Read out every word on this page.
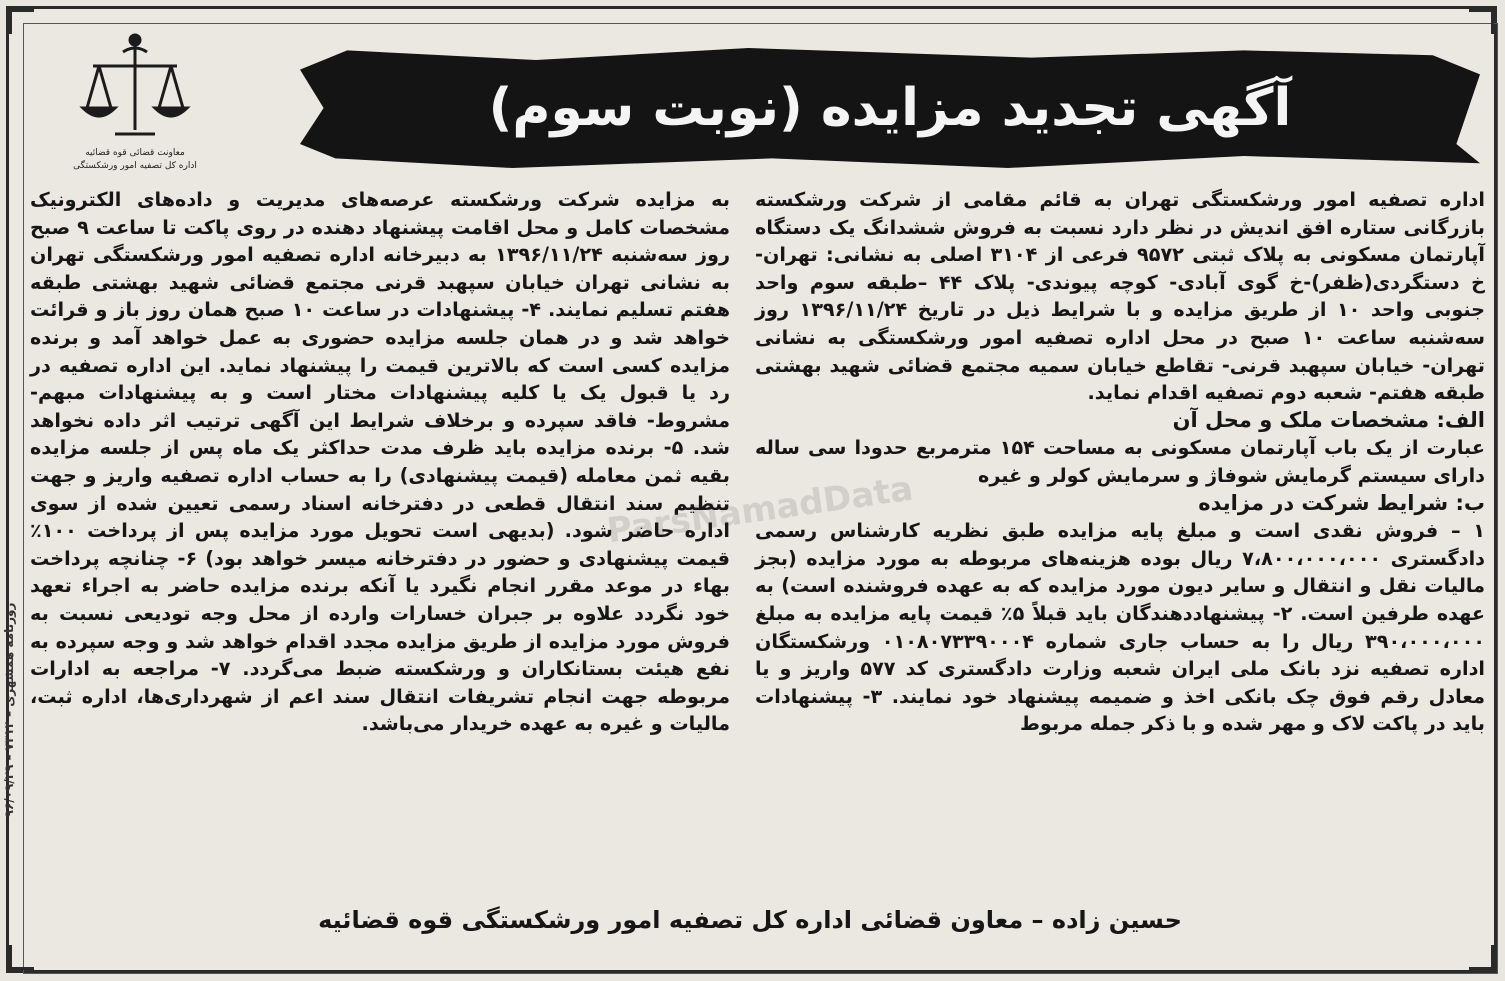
آگهی تجدید مزایده (نوبت سوم)
معاونت قضائی قوه قضائیه
اداره کل تصفیه امور ورشکستگی
ParsNamadData

اداره تصفیه امور ورشکستگی تهران به قائم مقامی از شرکت ورشکسته بازرگانی ستاره افق اندیش در نظر دارد نسبت به فروش ششدانگ یک دستگاه آپارتمان مسکونی به پلاک ثبتی ۹۵۷۲ فرعی از ۳۱۰۴ اصلی به نشانی: تهران- خ دستگردی(ظفر)-خ گوی آبادی- کوچه پیوندی- پلاک ۴۴ –طبقه سوم واحد جنوبی واحد ۱۰ از طریق مزایده و با شرایط ذیل در تاریخ ۱۳۹۶/۱۱/۲۴ روز سه‌شنبه ساعت ۱۰ صبح در محل اداره تصفیه امور ورشکستگی به نشانی تهران- خیابان سپهبد قرنی- تقاطع خیابان سمیه مجتمع قضائی شهید بهشتی طبقه هفتم- شعبه دوم تصفیه اقدام نماید.

الف: مشخصات ملک و محل آن

عبارت از یک باب آپارتمان مسکونی به مساحت ۱۵۴ مترمربع حدودا سی ساله دارای سیستم گرمایش شوفاژ و سرمایش کولر و غیره

ب: شرایط شرکت در مزایده

۱ – فروش نقدی است و مبلغ پایه مزایده طبق نظریه کارشناس رسمی دادگستری ۷،۸۰۰،۰۰۰،۰۰۰ ریال بوده هزینه‌های مربوطه به مورد مزایده (بجز مالیات نقل و انتقال و سایر دیون مورد مزایده که به عهده فروشنده است) به عهده طرفین است. ۲- پیشنهاددهندگان باید قبلاً ۵٪ قیمت پایه مزایده به مبلغ ۳۹۰،۰۰۰،۰۰۰ ریال را به حساب جاری شماره ۰۱۰۸۰۷۳۳۹۰۰۰۴ ورشکستگان اداره تصفیه نزد بانک ملی ایران شعبه وزارت دادگستری کد ۵۷۷ واریز و یا معادل رقم فوق چک بانکی اخذ و ضمیمه پیشنهاد خود نمایند. ۳- پیشنهادات باید در پاکت لاک و مهر شده و با ذکر جمله مربوط

به مزایده شرکت ورشکسته عرصه‌های مدیریت و داده‌های الکترونیک مشخصات کامل و محل اقامت پیشنهاد دهنده در روی پاکت تا ساعت ۹ صبح روز سه‌شنبه ۱۳۹۶/۱۱/۲۴ به دبیرخانه اداره تصفیه امور ورشکستگی تهران به نشانی تهران خیابان سپهبد قرنی مجتمع قضائی شهید بهشتی طبقه هفتم تسلیم نمایند. ۴- پیشنهادات در ساعت ۱۰ صبح همان روز باز و قرائت خواهد شد و در همان جلسه مزایده حضوری به عمل خواهد آمد و برنده مزایده کسی است که بالاترین قیمت را پیشنهاد نماید. این اداره تصفیه در رد یا قبول یک یا کلیه پیشنهادات مختار است و به پیشنهادات مبهم- مشروط- فاقد سپرده و برخلاف شرایط این آگهی ترتیب اثر داده نخواهد شد. ۵- برنده مزایده باید ظرف مدت حداکثر یک ماه پس از جلسه مزایده بقیه ثمن معامله (قیمت پیشنهادی) را به حساب اداره تصفیه واریز و جهت تنظیم سند انتقال قطعی در دفترخانه اسناد رسمی تعیین شده از سوی اداره حاضر شود. (بدیهی است تحویل مورد مزایده پس از پرداخت ۱۰۰٪ قیمت پیشنهادی و حضور در دفترخانه میسر خواهد بود) ۶- چنانچه پرداخت بهاء در موعد مقرر انجام نگیرد یا آنکه برنده مزایده حاضر به اجراء تعهد خود نگردد علاوه بر جبران خسارات وارده از محل وجه تودیعی نسبت به فروش مورد مزایده از طریق مزایده مجدد اقدام خواهد شد و وجه سپرده به نفع هیئت بستانکاران و ورشکسته ضبط می‌گردد. ۷- مراجعه به ادارات مربوطه جهت انجام تشریفات انتقال سند اعم از شهرداری‌ها، اداره ثبت، مالیات و غیره به عهده خریدار می‌باشد.

روزنامه همشهری – ۷۳۱۴ – ۹۶/۰۹/۲۹
حسین زاده – معاون قضائی اداره کل تصفیه امور ورشکستگی قوه قضائیه
